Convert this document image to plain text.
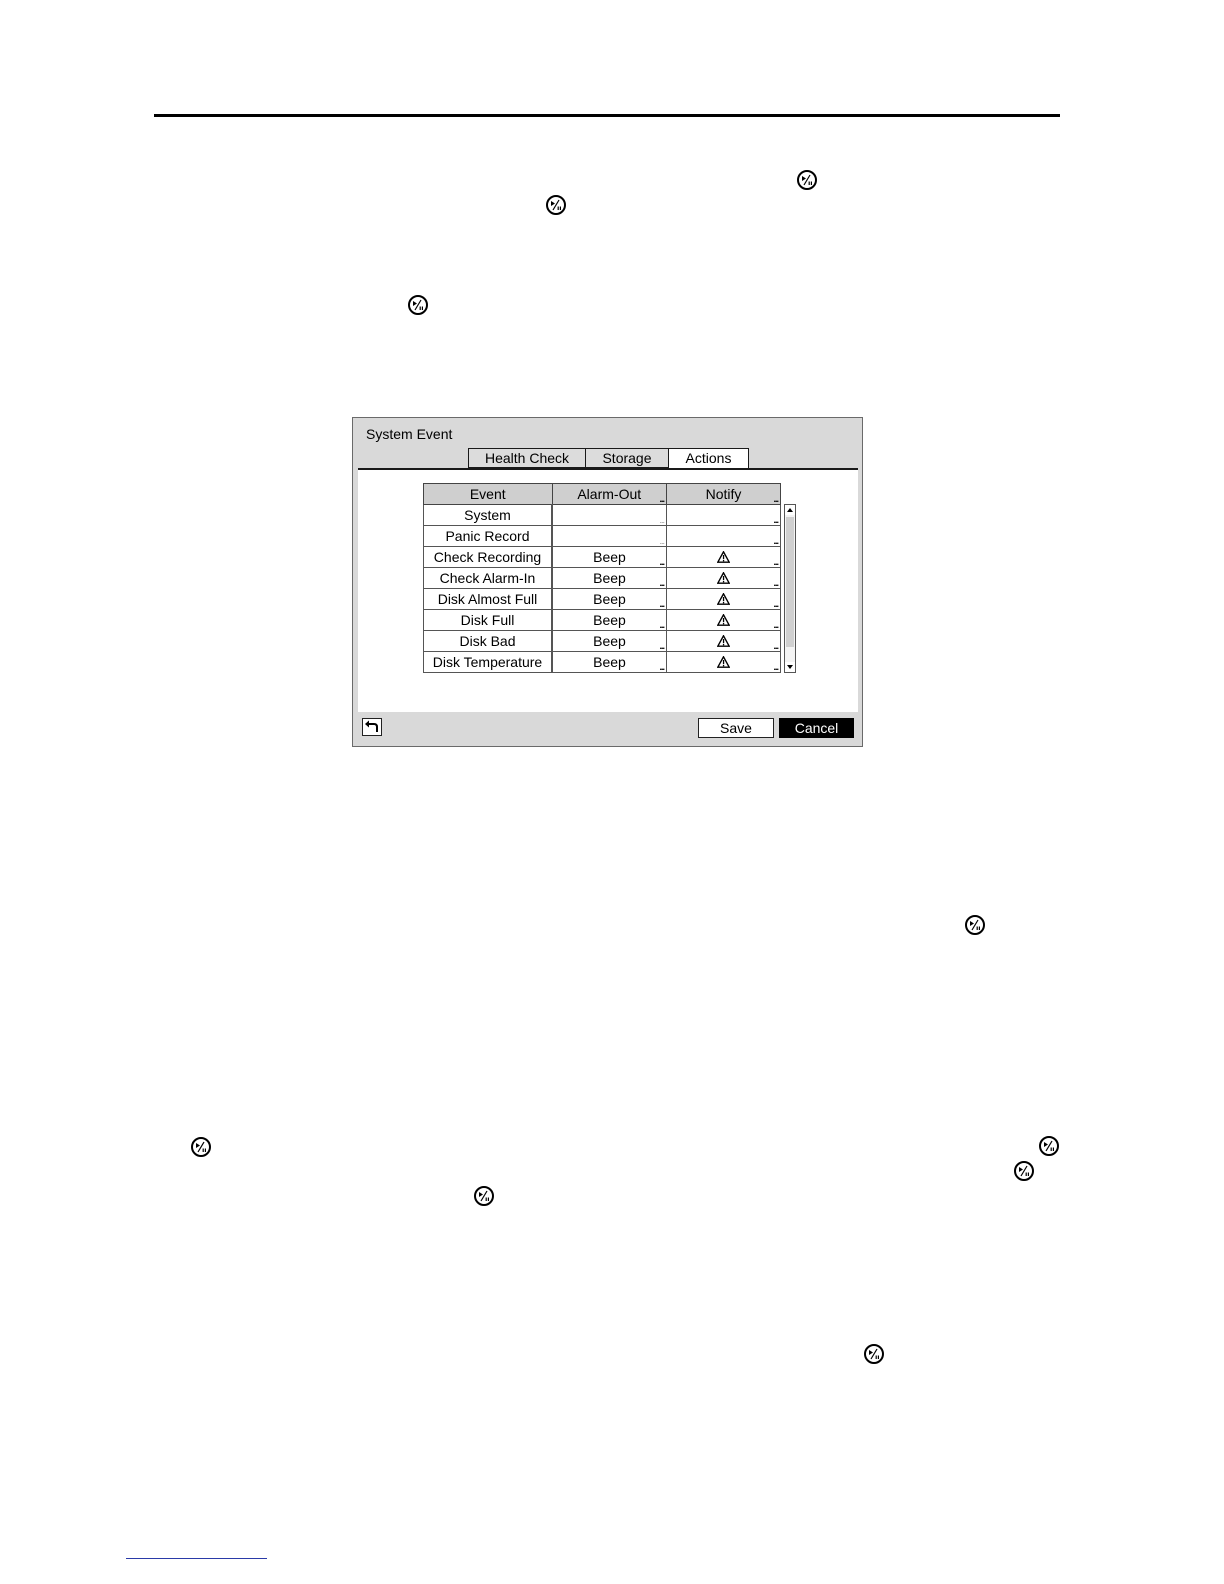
System Event
Health Check	Storage	Actions
Event	Alarm-Out ...	Notify ...

System	...	...

Panic Record	...	...

Check Recording	Beep ...	...

Check Alarm-In	Beep ...	...

Disk Almost Full	Beep ...	...

Disk Full	Beep ...	...

Disk Bad	Beep ...	...

Disk Temperature	Beep ...	...
Save	Cancel
